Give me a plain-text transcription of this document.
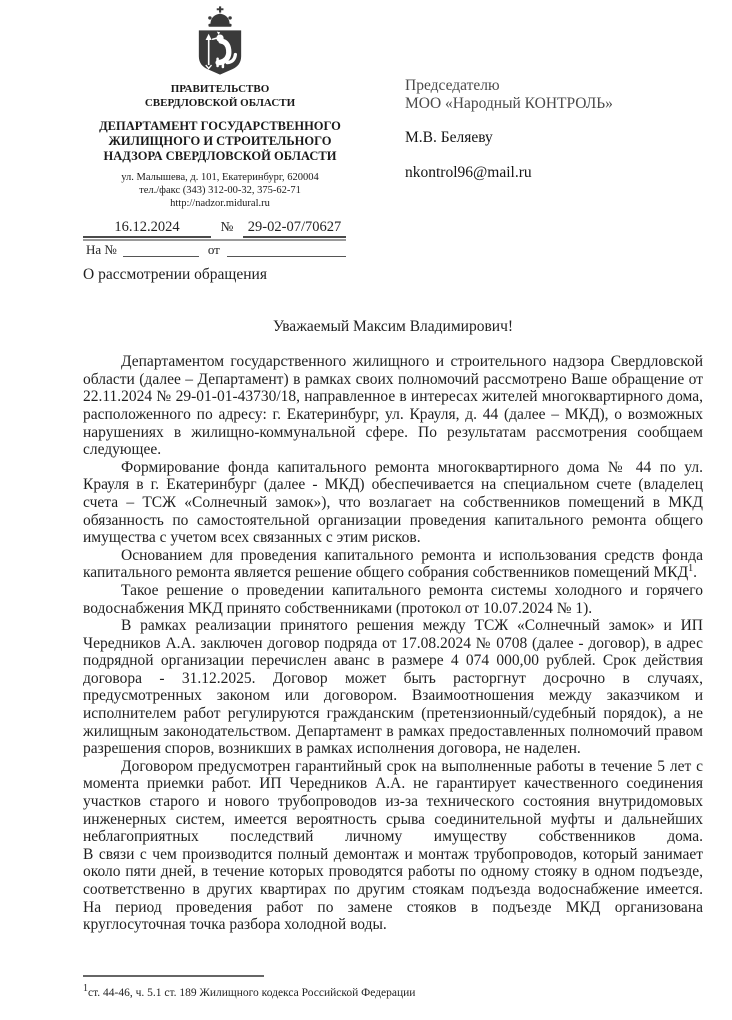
ПРАВИТЕЛЬСТВО
СВЕРДЛОВСКОЙ ОБЛАСТИ
ДЕПАРТАМЕНТ ГОСУДАРСТВЕННОГО
ЖИЛИЩНОГО И СТРОИТЕЛЬНОГО
НАДЗОРА СВЕРДЛОВСКОЙ ОБЛАСТИ
ул. Малышева, д. 101, Екатеринбург, 620004
тел./факс (343) 312-00-32, 375-62-71
http://nadzor.midural.ru
Председателю
МОО «Народный КОНТРОЛЬ»
М.В. Беляеву
nkontrol96@mail.ru
16.12.2024	№ 29-02-07/70627
На №	от
О рассмотрении обращения

Уважаемый Максим Владимирович!

Департаментом государственного жилищного и строительного надзора Свердловской области (далее – Департамент) в рамках своих полномочий рассмотрено Ваше обращение от 22.11.2024 № 29-01-01-43730/18, направленное в интересах жителей многоквартирного дома, расположенного по адресу: г. Екатеринбург, ул. Крауля, д. 44 (далее – МКД), о возможных нарушениях в жилищно-коммунальной сфере. По результатам рассмотрения сообщаем следующее.

Формирование фонда капитального ремонта многоквартирного дома № 44 по ул. Крауля в г. Екатеринбург (далее - МКД) обеспечивается на специальном счете (владелец счета – ТСЖ «Солнечный замок»), что возлагает на собственников помещений в МКД обязанность по самостоятельной организации проведения капитального ремонта общего имущества с учетом всех связанных с этим рисков.

Основанием для проведения капитального ремонта и использования средств фонда капитального ремонта является решение общего собрания собственников помещений МКД$^1$.

Такое решение о проведении капитального ремонта системы холодного и горячего водоснабжения МКД принято собственниками (протокол от 10.07.2024 № 1).

В рамках реализации принятого решения между ТСЖ «Солнечный замок» и ИП Чередников А.А. заключен договор подряда от 17.08.2024 № 0708 (далее - договор), в адрес подрядной организации перечислен аванс в размере 4 074 000,00 рублей. Срок действия договора - 31.12.2025. Договор может быть расторгнут досрочно в случаях, предусмотренных законом или договором. Взаимоотношения между заказчиком и исполнителем работ регулируются гражданским (претензионный/судебный порядок), а не жилищным законодательством. Департамент в рамках предоставленных полномочий правом разрешения споров, возникших в рамках исполнения договора, не наделен.

Договором предусмотрен гарантийный срок на выполненные работы в течение 5 лет с момента приемки работ. ИП Чередников А.А. не гарантирует качественного соединения участков старого и нового трубопроводов из-за технического состояния внутридомовых инженерных систем, имеется вероятность срыва соединительной муфты и дальнейших неблагоприятных последствий личному имуществу собственников дома.

В связи с чем производится полный демонтаж и монтаж трубопроводов, который занимает около пяти дней, в течение которых проводятся работы по одному стояку в одном подъезде, соответственно в других квартирах по другим стоякам подъезда водоснабжение имеется.

На период проведения работ по замене стояков в подъезде МКД организована круглосуточная точка разбора холодной воды.

$^1$ст. 44-46, ч. 5.1 ст. 189 Жилищного кодекса Российской Федерации
